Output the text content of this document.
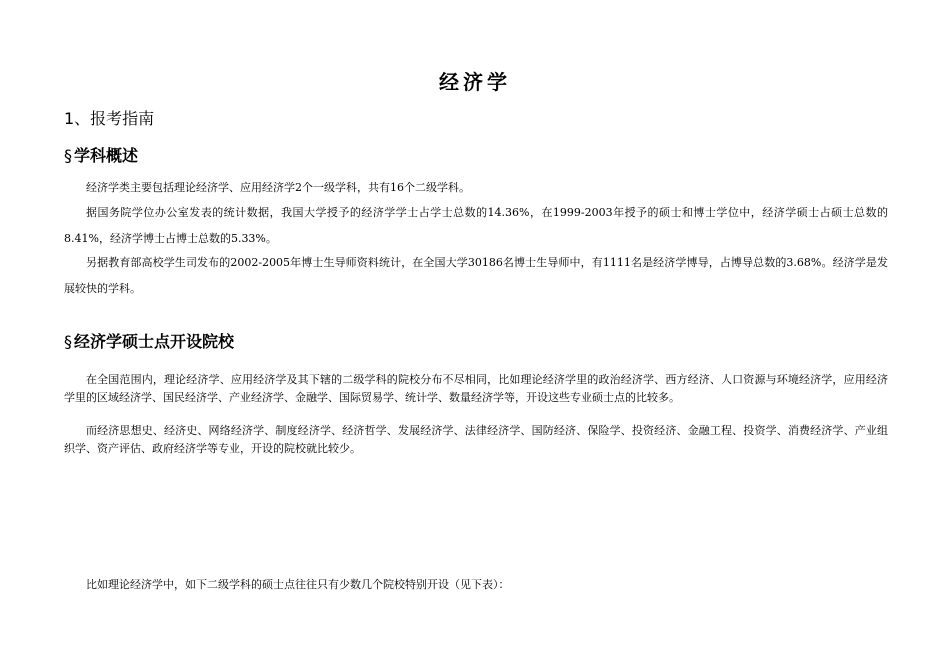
经济学
1、报考指南
§ 学科概述
经济学类主要包括理论经济学、应用经济学2个一级学科，共有16个二级学科。
据国务院学位办公室发表的统计数据，我国大学授予的经济学学士占学士总数的14.36%，在1999-2003年授予的硕士和博士学位中，经济学硕士占硕士总数的8.41%，经济学博士占博士总数的5.33%。
另据教育部高校学生司发布的2002-2005年博士生导师资料统计，在全国大学30186名博士生导师中，有1111名是经济学博导，占博导总数的3.68%。经济学是发展较快的学科。
§ 经济学硕士点开设院校
在全国范围内，理论经济学、应用经济学及其下辖的二级学科的院校分布不尽相同，比如理论经济学里的政治经济学、西方经济、人口资源与环境经济学，应用经济学里的区域经济学、国民经济学、产业经济学、金融学、国际贸易学、统计学、数量经济学等，开设这些专业硕士点的比较多。
而经济思想史、经济史、网络经济学、制度经济学、经济哲学、发展经济学、法律经济学、国防经济、保险学、投资经济、金融工程、投资学、消费经济学、产业组织学、资产评估、政府经济学等专业，开设的院校就比较少。
比如理论经济学中，如下二级学科的硕士点往往只有少数几个院校特别开设（见下表）：
